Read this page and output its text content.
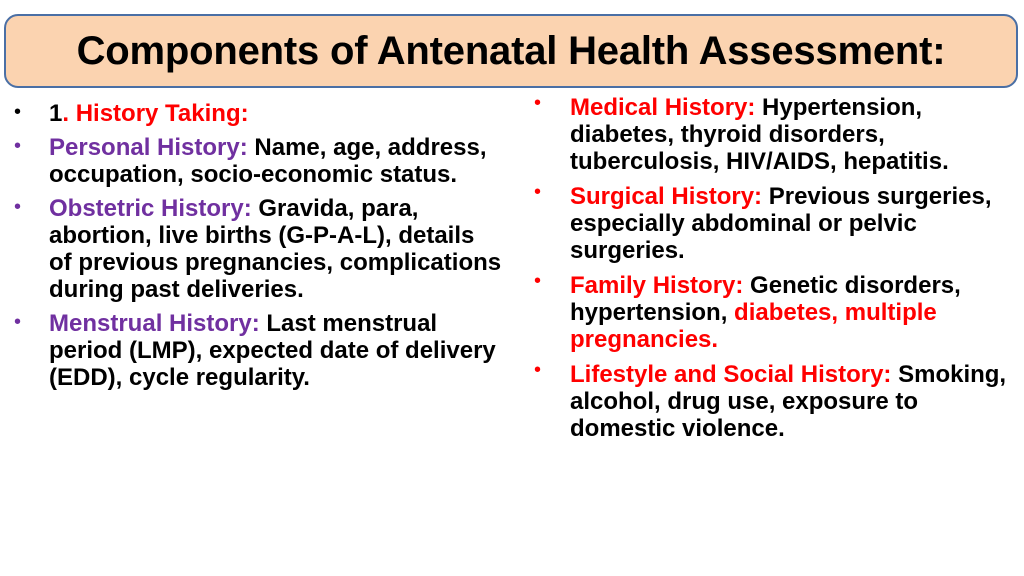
Components of Antenatal Health Assessment:
• 1. History Taking:
• Personal History: Name, age, address, occupation, socio-economic status.
• Obstetric History: Gravida, para, abortion, live births (G-P-A-L), details of previous pregnancies, complications during past deliveries.
• Menstrual History: Last menstrual period (LMP), expected date of delivery (EDD), cycle regularity.
• Medical History: Hypertension, diabetes, thyroid disorders, tuberculosis, HIV/AIDS, hepatitis.
• Surgical History: Previous surgeries, especially abdominal or pelvic surgeries.
• Family History: Genetic disorders, hypertension, diabetes, multiple pregnancies.
• Lifestyle and Social History: Smoking, alcohol, drug use, exposure to domestic violence.
